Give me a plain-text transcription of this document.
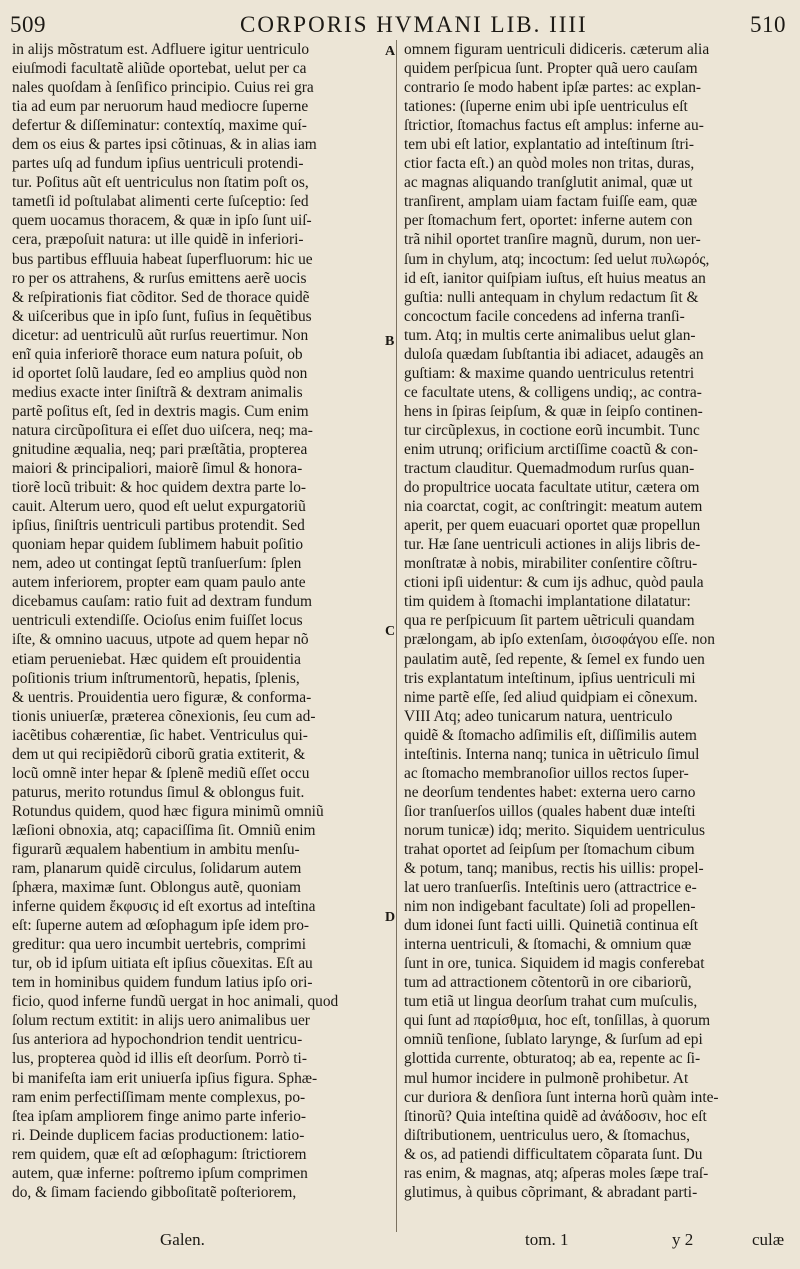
509	CORPORIS HVMANI LIB. IIII	510

in alijs mõstratum est. Adfluere igitur uentriculo

eiuſmodi facultatẽ aliũde oportebat, uelut per ca

nales quoſdam à ſenſifico principio. Cuius rei gra

tia ad eum par neruorum haud mediocre ſuperne

defertur & diſſeminatur: contextíq, maxime quí-

dem os eius & partes ipsi cõtinuas, & in alias iam

partes uſq ad fundum ipſius uentriculi protendi-

tur. Poſitus aũt eſt uentriculus non ſtatim poſt os,

tametſi id poſtulabat alimenti certe ſuſceptio: ſed

quem uocamus thoracem, & quæ in ipſo ſunt uiſ-

cera, præpoſuit natura: ut ille quidẽ in inferiori-

bus partibus effluuia habeat ſuperfluorum: hic ue

ro per os attrahens, & rurſus emittens aerẽ uocis

& reſpirationis fiat cõditor. Sed de thorace quidẽ

& uiſceribus que in ipſo ſunt, fuſius in ſequẽtibus

dicetur: ad uentriculũ aũt rurſus reuertimur. Non

enĩ quia inferiorẽ thorace eum natura poſuit, ob

id oportet ſolũ laudare, ſed eo amplius quòd non

medius exacte inter ſiniſtrã & dextram animalis

partẽ poſitus eſt, ſed in dextris magis. Cum enim

natura circũpoſitura ei eſſet duo uiſcera, neq; ma-

gnitudine æqualia, neq; pari præſtãtia, propterea

maiori & principaliori, maiorẽ ſimul & honora-

tiorẽ locũ tribuit: & hoc quidem dextra parte lo-

cauit. Alterum uero, quod eſt uelut expurgatoriũ

ipſius, ſiniſtris uentriculi partibus protendit. Sed

quoniam hepar quidem ſublimem habuit poſitio

nem, adeo ut contingat ſeptũ tranſuerſum: ſplen

autem inferiorem, propter eam quam paulo ante

dicebamus cauſam: ratio fuit ad dextram fundum

uentriculi extendiſſe. Ocioſus enim fuiſſet locus

iſte, & omnino uacuus, utpote ad quem hepar nõ

etiam perueniebat. Hæc quidem eſt prouidentia

poſitionis trium inſtrumentorũ, hepatis, ſplenis,

& uentris. Prouidentia uero figuræ, & conforma-

tionis uniuerſæ, præterea cõnexionis, ſeu cum ad-

iacẽtibus cohærentiæ, ſic habet. Ventriculus qui-

dem ut qui recipiẽdorũ ciborũ gratia extiterit, &

locũ omnẽ inter hepar & ſplenẽ mediũ eſſet occu

paturus, merito rotundus ſimul & oblongus fuit.

Rotundus quidem, quod hæc figura minimũ omniũ

læſioni obnoxia, atq; capaciſſima ſit. Omniũ enim

figurarũ æqualem habentium in ambitu menſu-

ram, planarum quidẽ circulus, ſolidarum autem

ſphæra, maximæ ſunt. Oblongus autẽ, quoniam

inferne quidem ἔκφυσις id eſt exortus ad inteſtina

eſt: ſuperne autem ad œſophagum ipſe idem pro-

greditur: qua uero incumbit uertebris, comprimi

tur, ob id ipſum uitiata eſt ipſius cõuexitas. Eſt au

tem in hominibus quidem fundum latius ipſo ori-

ficio, quod inferne fundũ uergat in hoc animali, quod

ſolum rectum extitit: in alijs uero animalibus uer

ſus anteriora ad hypochondrion tendit uentricu-

lus, propterea quòd id illis eſt deorſum. Porrò ti-

bi manifeſta iam erit uniuerſa ipſius figura. Sphæ-

ram enim perfectiſſimam mente complexus, po-

ſtea ipſam ampliorem finge animo parte inferio-

ri. Deinde duplicem facias productionem: latio-

rem quidem, quæ eſt ad œſophagum: ſtrictiorem

autem, quæ inferne: poſtremo ipſum comprimen

do, & ſimam faciendo gibboſitatẽ poſteriorem,

omnem figuram uentriculi didiceris. cæterum alia

quidem perſpicua ſunt. Propter quã uero cauſam

contrario ſe modo habent ipſæ partes: ac explan-

tationes: (ſuperne enim ubi ipſe uentriculus eſt

ſtrictior, ſtomachus factus eſt amplus: inferne au-

tem ubi eſt latior, explantatio ad inteſtinum ſtri-

ctior facta eſt.) an quòd moles non tritas, duras,

ac magnas aliquando tranſglutit animal, quæ ut

tranſirent, amplam uiam factam fuiſſe eam, quæ

per ſtomachum fert, oportet: inferne autem con

trã nihil oportet tranſire magnũ, durum, non uer-

ſum in chylum, atq; incoctum: ſed uelut πυλωρός,

id eſt, ianitor quiſpiam iuſtus, eſt huius meatus an

guſtia: nulli antequam in chylum redactum ſit &

concoctum facile concedens ad inferna tranſi-

tum. Atq; in multis certe animalibus uelut glan-

duloſa quædam ſubſtantia ibi adiacet, adaugẽs an

guſtiam: & maxime quando uentriculus retentri

ce facultate utens, & colligens undiq;, ac contra-

hens in ſpiras ſeipſum, & quæ in ſeipſo continen-

tur circũplexus, in coctione eorũ incumbit. Tunc

enim utrunq; orificium arctiſſime coactũ & con-

tractum clauditur. Quemadmodum rurſus quan-

do propultrice uocata facultate utitur, cætera om

nia coarctat, cogit, ac conſtringit: meatum autem

aperit, per quem euacuari oportet quæ propellun

tur. Hæ ſane uentriculi actiones in alijs libris de-

monſtratæ à nobis, mirabiliter conſentire cõſtru-

ctioni ipſi uidentur: & cum ijs adhuc, quòd paula

tim quidem à ſtomachi implantatione dilatatur:

qua re perſpicuum ſit partem uẽtriculi quandam

prælongam, ab ipſo extenſam, ὀισοφάγου eſſe. non

paulatim autẽ, ſed repente, & ſemel ex fundo uen

tris explantatum inteſtinum, ipſius uentriculi mi

nime partẽ eſſe, ſed aliud quidpiam ei cõnexum.

VIII Atq; adeo tunicarum natura, uentriculo

quidẽ & ſtomacho adſimilis eſt, diſſimilis autem

inteſtinis. Interna nanq; tunica in uẽtriculo ſimul

ac ſtomacho membranoſior uillos rectos ſuper-

ne deorſum tendentes habet: externa uero carno

ſior tranſuerſos uillos (quales habent duæ inteſti

norum tunicæ) idq; merito. Siquidem uentriculus

trahat oportet ad ſeipſum per ſtomachum cibum

& potum, tanq; manibus, rectis his uillis: propel-

lat uero tranſuerſis. Inteſtinis uero (attractrice e-

nim non indigebant facultate) ſoli ad propellen-

dum idonei ſunt facti uilli. Quinetiã continua eſt

interna uentriculi, & ſtomachi, & omnium quæ

ſunt in ore, tunica. Siquidem id magis conferebat

tum ad attractionem cõtentorũ in ore cibariorũ,

tum etiã ut lingua deorſum trahat cum muſculis,

qui ſunt ad παρίσθμια, hoc eſt, tonſillas, à quorum

omniũ tenſione, ſublato larynge, & ſurſum ad epi

glottida currente, obturatoq; ab ea, repente ac ſi-

mul humor incidere in pulmonẽ prohibetur. At

cur duriora & denſiora ſunt interna horũ quàm inte-

ſtinorũ? Quia inteſtina quidẽ ad ἀνάδοσιν, hoc eſt

diſtributionem, uentriculus uero, & ſtomachus,

& os, ad patiendi difficultatem cõparata ſunt. Du

ras enim, & magnas, atq; aſperas moles ſæpe traſ-

glutimus, à quibus cõprimant, & abradant parti-

A
B
C
D
Galen.	tom. 1	y 2	culæ
